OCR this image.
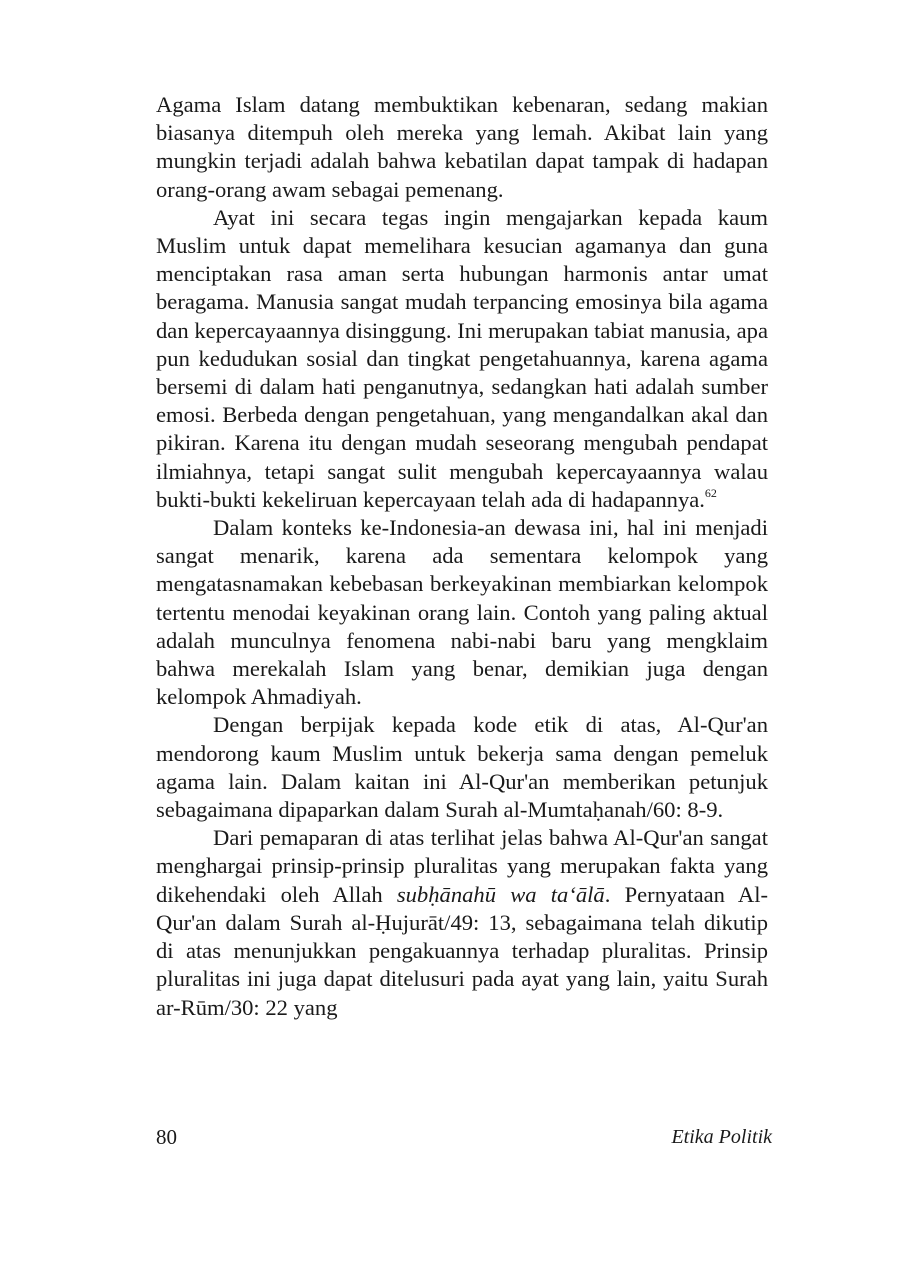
Agama Islam datang membuktikan kebenaran, sedang makian biasanya ditempuh oleh mereka yang lemah. Akibat lain yang mungkin terjadi adalah bahwa kebatilan dapat tampak di hadapan orang-orang awam sebagai pemenang.

Ayat ini secara tegas ingin mengajarkan kepada kaum Muslim untuk dapat memelihara kesucian agamanya dan guna menciptakan rasa aman serta hubungan harmonis antar umat beragama. Manusia sangat mudah terpancing emosinya bila agama dan kepercayaannya disinggung. Ini merupakan tabiat manusia, apa pun kedudukan sosial dan tingkat pengetahuannya, karena agama bersemi di dalam hati penganutnya, sedangkan hati adalah sumber emosi. Berbeda dengan pengetahuan, yang mengandalkan akal dan pikiran. Karena itu dengan mudah seseorang mengubah pendapat ilmiahnya, tetapi sangat sulit mengubah kepercayaannya walau bukti-bukti kekeliruan kepercayaan telah ada di hadapannya.$^{62}$

Dalam konteks ke-Indonesia-an dewasa ini, hal ini menjadi sangat menarik, karena ada sementara kelompok yang mengatasnamakan kebebasan berkeyakinan membiarkan kelompok tertentu menodai keyakinan orang lain. Contoh yang paling aktual adalah munculnya fenomena nabi-nabi baru yang mengklaim bahwa merekalah Islam yang benar, demikian juga dengan kelompok Ahmadiyah.

Dengan berpijak kepada kode etik di atas, Al-Qur'an mendorong kaum Muslim untuk bekerja sama dengan pemeluk agama lain. Dalam kaitan ini Al-Qur'an memberikan petunjuk sebagaimana dipaparkan dalam Surah al-Mumtaḥanah/60: 8-9.

Dari pemaparan di atas terlihat jelas bahwa Al-Qur'an sangat menghargai prinsip-prinsip pluralitas yang merupakan fakta yang dikehendaki oleh Allah subḥānahū wa ta‘ālā. Pernyataan Al-Qur'an dalam Surah al-Ḥujurāt/49: 13, sebagaimana telah dikutip di atas menunjukkan pengakuannya terhadap pluralitas. Prinsip pluralitas ini juga dapat ditelusuri pada ayat yang lain, yaitu Surah ar-Rūm/30: 22 yang

80	Etika Politik
